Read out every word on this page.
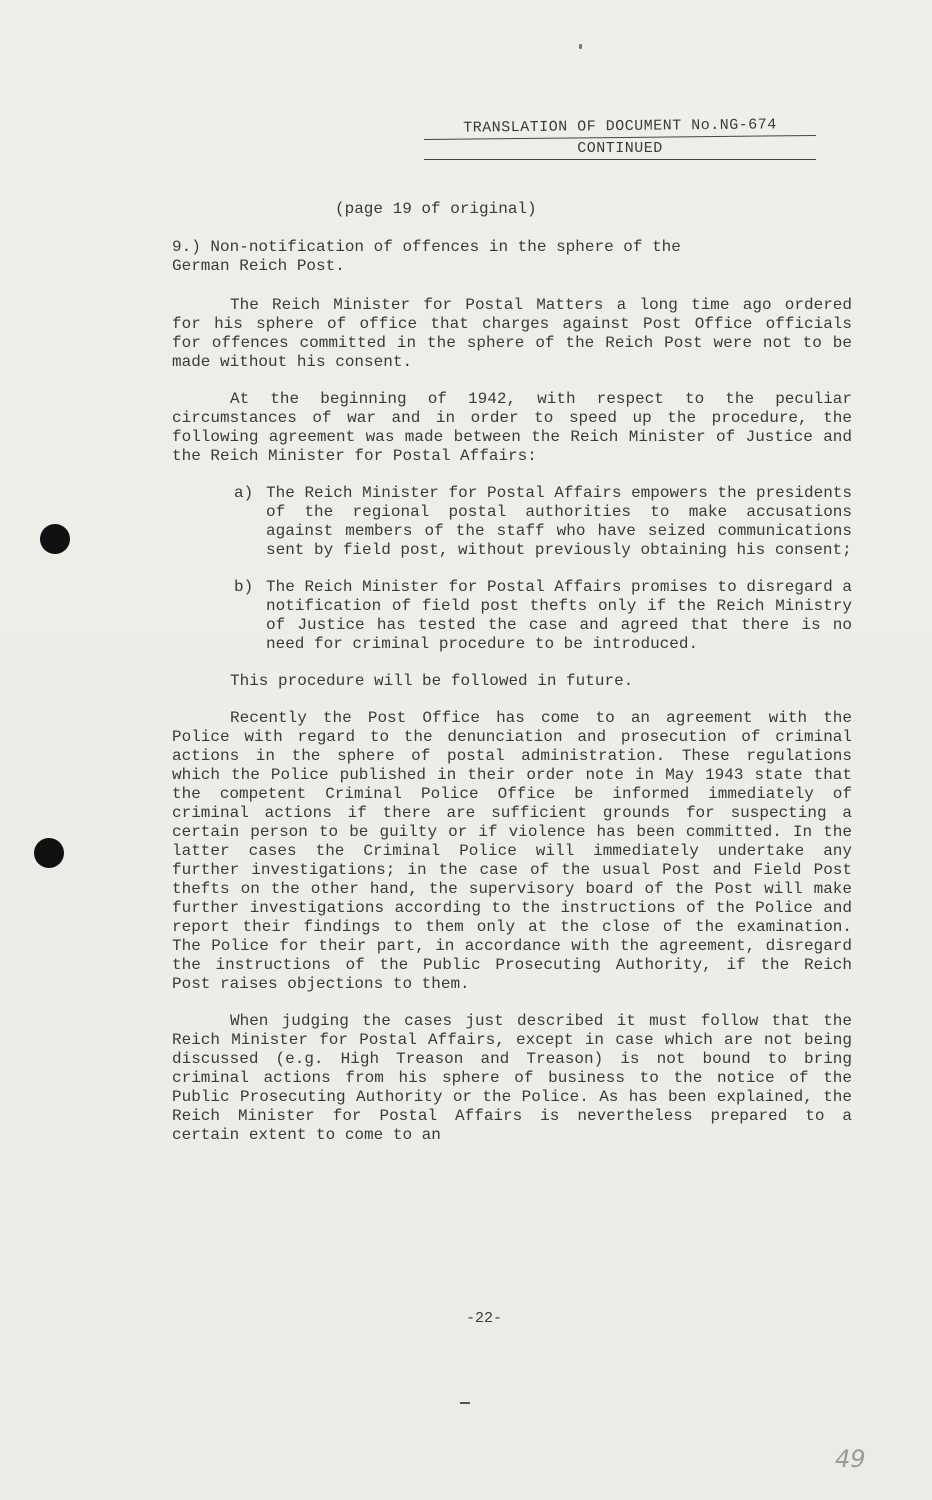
TRANSLATION OF DOCUMENT No.NG-674
CONTINUED
(page 19 of original)

9.) Non-notification of offences in the sphere of the
German Reich Post.

The Reich Minister for Postal Matters a long time ago ordered for his sphere of office that charges against Post Office officials for offences committed in the sphere of the Reich Post were not to be made without his consent.

At the beginning of 1942, with respect to the peculiar circumstances of war and in order to speed up the procedure, the following agreement was made between the Reich Minister of Justice and the Reich Minister for Postal Affairs:

a) The Reich Minister for Postal Affairs empowers the presidents of the regional postal authorities to make accusations against members of the staff who have seized communications sent by field post, without previously obtaining his consent;
b) The Reich Minister for Postal Affairs promises to disregard a notification of field post thefts only if the Reich Ministry of Justice has tested the case and agreed that there is no need for criminal procedure to be introduced.

This procedure will be followed in future.

Recently the Post Office has come to an agreement with the Police with regard to the denunciation and prosecution of criminal actions in the sphere of postal administration. These regulations which the Police published in their order note in May 1943 state that the competent Criminal Police Office be informed immediately of criminal actions if there are sufficient grounds for suspecting a certain person to be guilty or if violence has been committed. In the latter cases the Criminal Police will immediately undertake any further investigations; in the case of the usual Post and Field Post thefts on the other hand, the supervisory board of the Post will make further investigations according to the instructions of the Police and report their findings to them only at the close of the examination. The Police for their part, in accordance with the agreement, disregard the instructions of the Public Prosecuting Authority, if the Reich Post raises objections to them.

When judging the cases just described it must follow that the Reich Minister for Postal Affairs, except in case which are not being discussed (e.g. High Treason and Treason) is not bound to bring criminal actions from his sphere of business to the notice of the Public Prosecuting Authority or the Police. As has been explained, the Reich Minister for Postal Affairs is nevertheless prepared to a certain extent to come to an

-22-
49
